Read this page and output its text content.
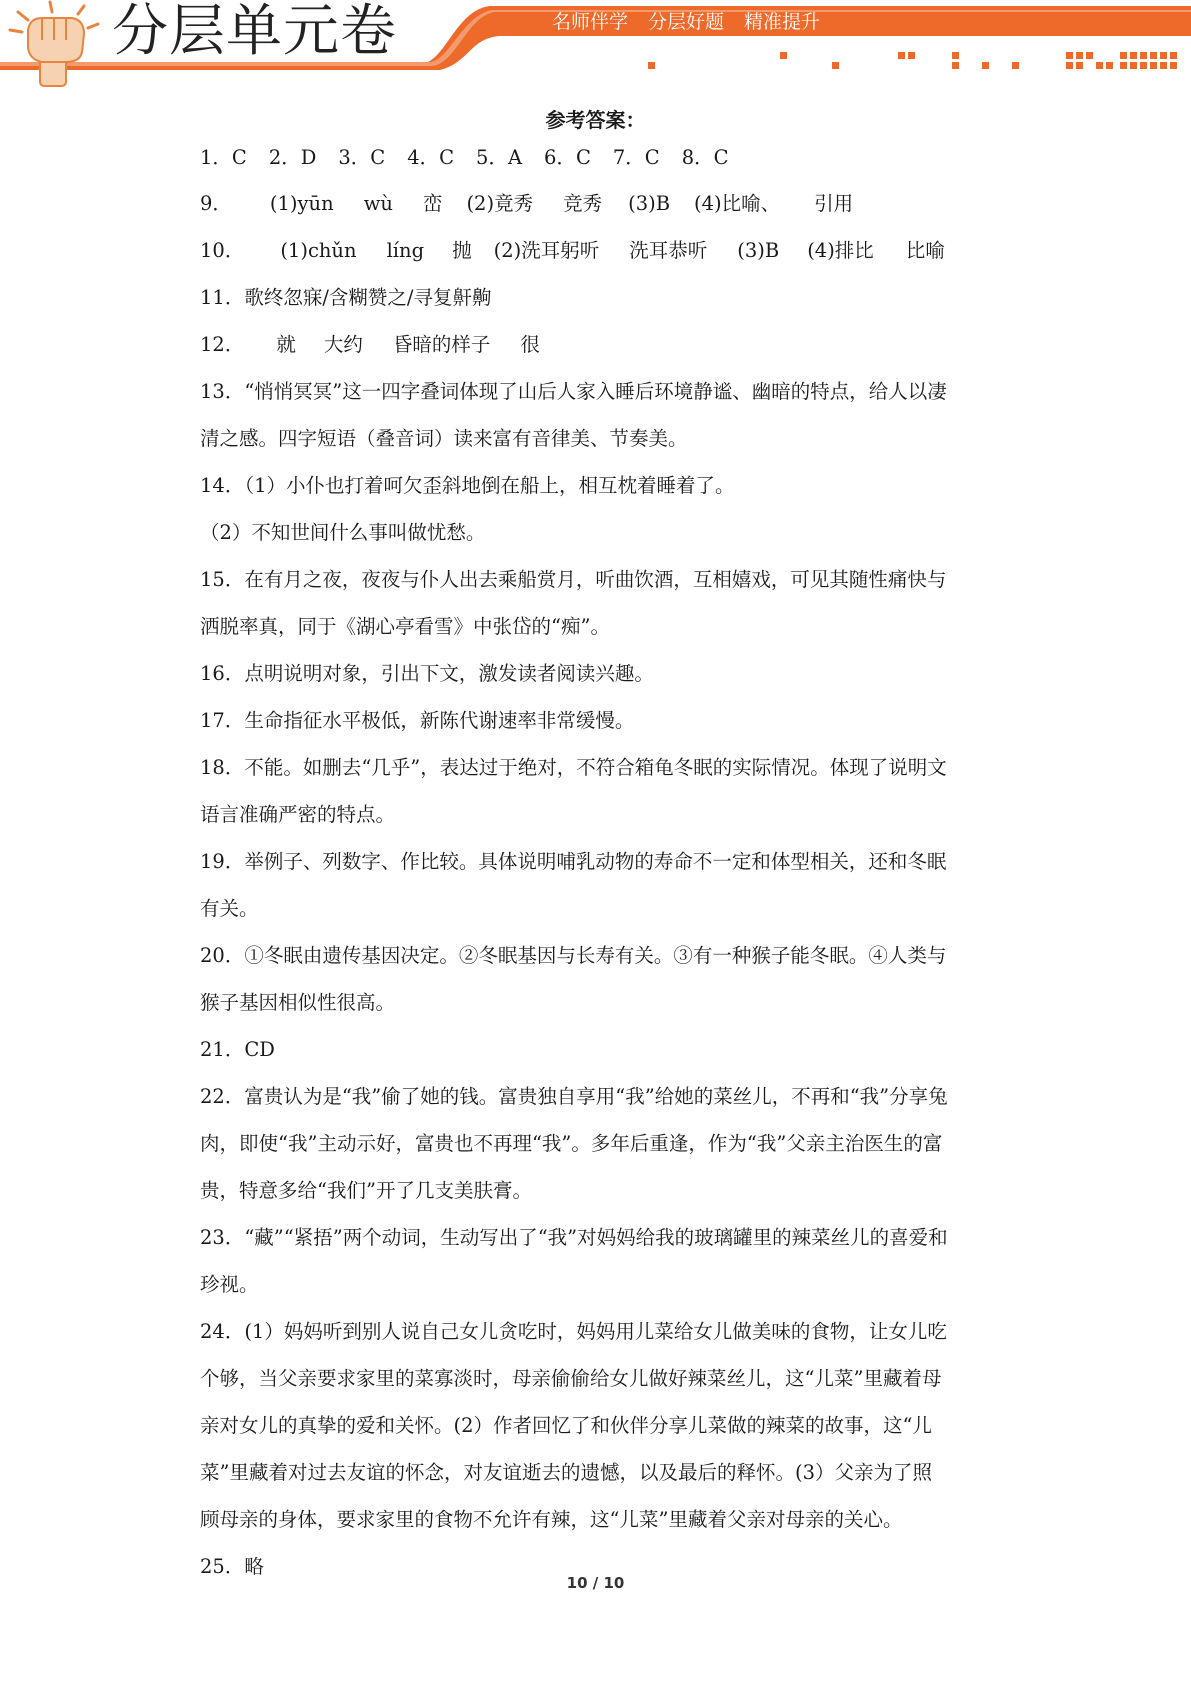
分层单元卷	名师伴学 分层好题 精准提升
参考答案：
1．C 2．D 3．C 4．C 5．A 6．C 7．C 8．C
9． (1)yūn wù 峦 (2)竟秀 竞秀 (3)B (4)比喻、 引用
10． (1)chǔn líng 抛 (2)洗耳躬听 洗耳恭听 (3)B (4)排比 比喻
11．歌终忽寐/含糊赞之/寻复鼾齁
12． 就 大约 昏暗的样子 很
13．“悄悄冥冥”这一四字叠词体现了山后人家入睡后环境静谧、幽暗的特点，给人以凄
清之感。四字短语（叠音词）读来富有音律美、节奏美。
14．（1）小仆也打着呵欠歪斜地倒在船上，相互枕着睡着了。
（2）不知世间什么事叫做忧愁。
15．在有月之夜，夜夜与仆人出去乘船赏月，听曲饮酒，互相嬉戏，可见其随性痛快与
洒脱率真，同于《湖心亭看雪》中张岱的“痴”。
16．点明说明对象，引出下文，激发读者阅读兴趣。
17．生命指征水平极低，新陈代谢速率非常缓慢。
18．不能。如删去“几乎”，表达过于绝对，不符合箱龟冬眠的实际情况。体现了说明文
语言准确严密的特点。
19．举例子、列数字、作比较。具体说明哺乳动物的寿命不一定和体型相关，还和冬眠
有关。
20．①冬眠由遗传基因决定。②冬眠基因与长寿有关。③有一种猴子能冬眠。④人类与
猴子基因相似性很高。
21．CD
22．富贵认为是“我”偷了她的钱。富贵独自享用“我”给她的菜丝儿，不再和“我”分享兔
肉，即使“我”主动示好，富贵也不再理“我”。多年后重逢，作为“我”父亲主治医生的富
贵，特意多给“我们”开了几支美肤膏。
23．“藏”“紧捂”两个动词，生动写出了“我”对妈妈给我的玻璃罐里的辣菜丝儿的喜爱和
珍视。
24．(1）妈妈听到别人说自己女儿贪吃时，妈妈用儿菜给女儿做美味的食物，让女儿吃
个够，当父亲要求家里的菜寡淡时，母亲偷偷给女儿做好辣菜丝儿，这“儿菜”里藏着母
亲对女儿的真挚的爱和关怀。(2）作者回忆了和伙伴分享儿菜做的辣菜的故事，这“儿
菜”里藏着对过去友谊的怀念，对友谊逝去的遗憾，以及最后的释怀。(3）父亲为了照
顾母亲的身体，要求家里的食物不允许有辣，这“儿菜”里藏着父亲对母亲的关心。
25．略
10 / 10
